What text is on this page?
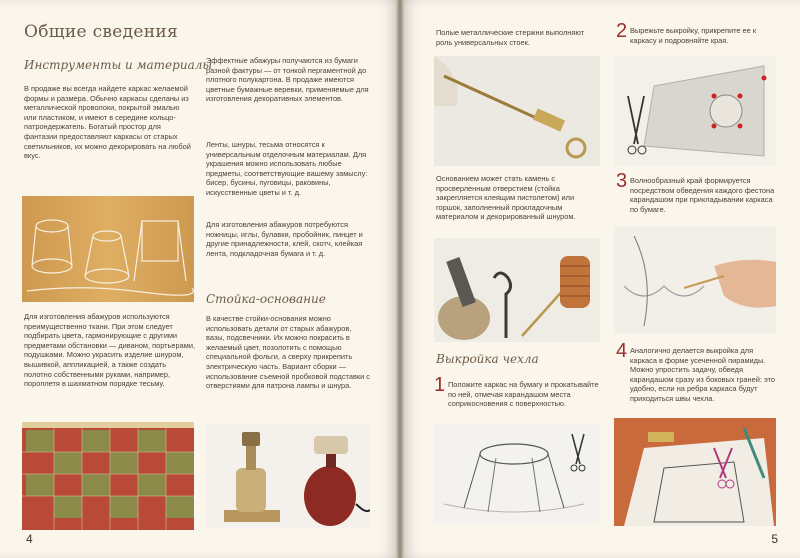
Общие сведения
Инструменты и материалы
В продаже вы всегда найдете каркас желаемой формы и размера. Обычно каркасы сделаны из металлической проволоки, покрытой эмалью или пластиком, и имеют в середине кольцо-патрондержатель. Богатый простор для фантазии предоставляют каркасы от старых светильников, их можно декорировать на любой вкус.
Для изготовления абажуров используются преимущественно ткани. При этом следует подбирать цвета, гармонирующие с другими предметами обстановки — диваном, портьерами, подушками. Можно украсить изделие шнуром, вышивкой, аппликацией, а также создать полотно собственными руками, например, пороплетя в шахматном порядке тесьму.
Эффектные абажуры получаются из бумаги разной фактуры — от тонкой пергаментной до плотного полукартона. В продаже имеются цветные бумажные веревки, применяемые для изготовления декоративных элементов.
Ленты, шнуры, тесьма относятся к универсальным отделочным материалам. Для украшения можно использовать любые предметы, соответствующие вашему замыслу: бисер, бусины, пуговицы, раковины, искусственные цветы и т. д.
Для изготовления абажуров потребуются ножницы, иглы, булавки, пробойник, пинцет и другие принадлежности, клей, скотч, клейкая лента, подкладочная бумага и т. д.
Стойка-основание
В качестве стойки-основания можно использовать детали от старых абажуров, вазы, подсвечники. Их можно покрасить в желаемый цвет, позолотить с помощью специальной фольги, а сверху прикрепить электрическую часть. Вариант сборки — использование съемной пробковой подставки с отверстиями для патрона лампы и шнура.
4
Полые металлические стержни выполняют роль универсальных стоек.
Основанием может стать камень с просверленным отверстием (стойка закрепляется клеящим пистолетом) или горшок, заполненный прокладочным материалом и декорированный шнуром.
Выкройка чехла
1 Положите каркас на бумагу и прокатывайте по ней, отмечая карандашом места соприкосновения с поверхностью.
2 Вырежьте выкройку, прикрепите ее к каркасу и подровняйте края.
3 Волнообразный край формируется посредством обведения каждого фестона карандашом при прикладывании каркаса по бумаге.
4 Аналогично делается выкройка для каркаса в форме усеченной пирамиды. Можно упростить задачу, обведя карандашом сразу из боковых граней: это удобно, если на ребра каркаса будут приходиться швы чехла.
5
